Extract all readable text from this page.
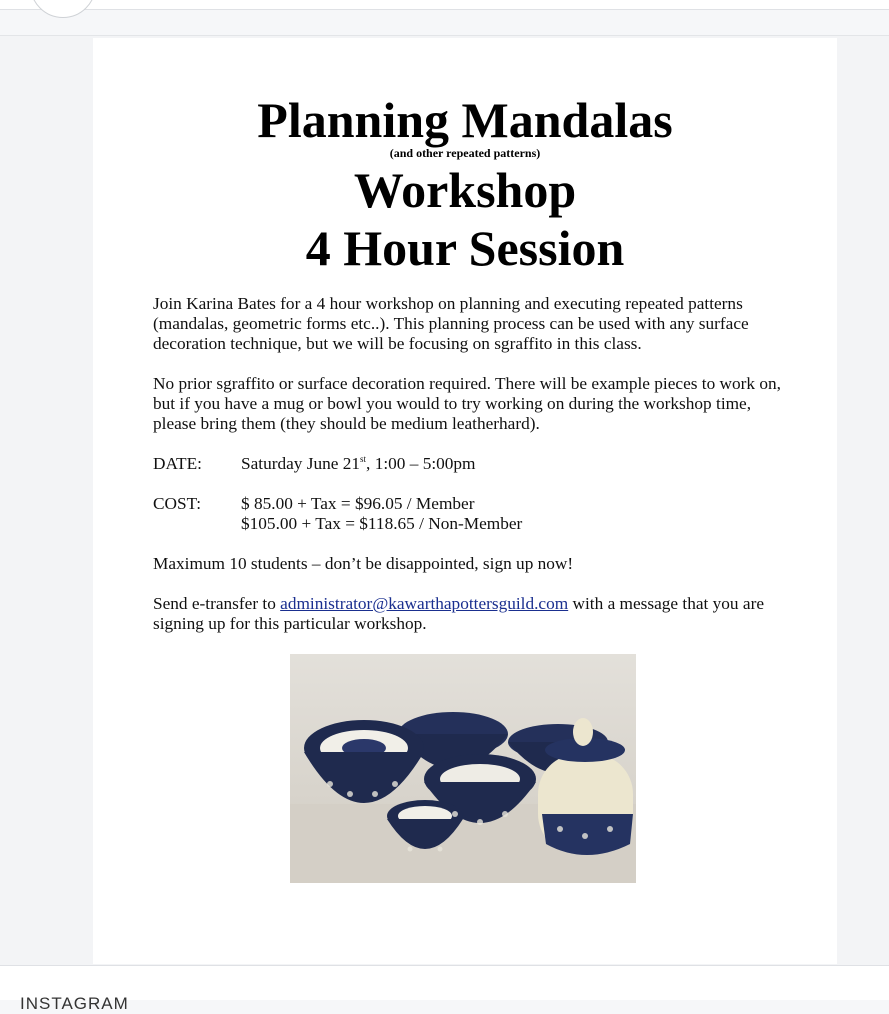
Planning Mandalas
(and other repeated patterns)
Workshop
4 Hour Session

Join Karina Bates for a 4 hour workshop on planning and executing repeated patterns (mandalas, geometric forms etc..). This planning process can be used with any surface decoration technique, but we will be focusing on sgraffito in this class.

No prior sgraffito or surface decoration required. There will be example pieces to work on, but if you have a mug or bowl you would to try working on during the workshop time, please bring them (they should be medium leatherhard).

DATE:	Saturday June 21st, 1:00 – 5:00pm
COST:	$ 85.00 + Tax = $96.05 / Member
$105.00 + Tax = $118.65 / Non-Member

Maximum 10 students – don’t be disappointed, sign up now!

Send e-transfer to administrator@kawarthapottersguild.com with a message that you are signing up for this particular workshop.

INSTAGRAM
